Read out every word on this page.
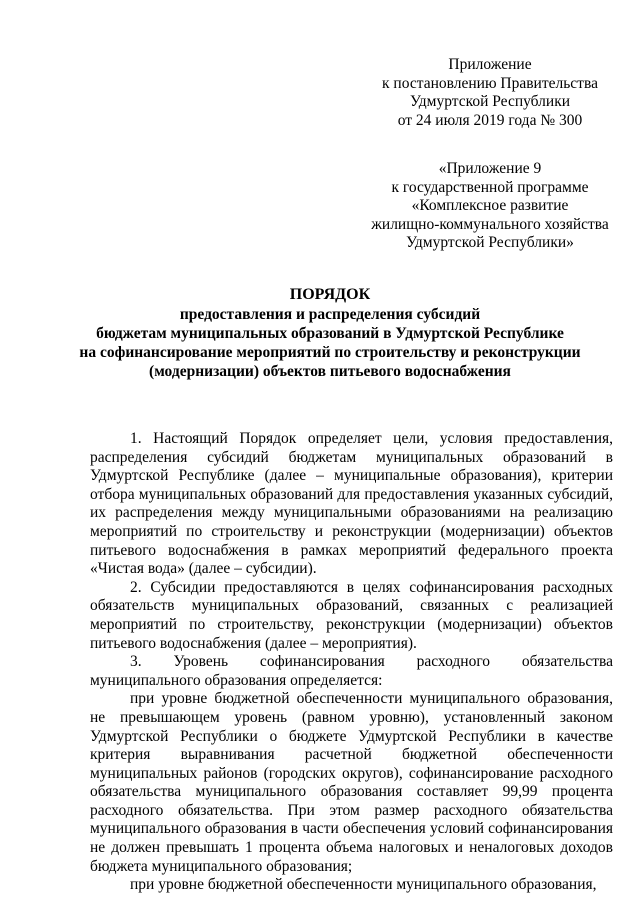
Приложение
к постановлению Правительства
Удмуртской Республики
от 24 июля 2019 года № 300
«Приложение 9
к государственной программе
«Комплексное развитие
жилищно-коммунального хозяйства
Удмуртской Республики»
ПОРЯДОК
предоставления и распределения субсидий
бюджетам муниципальных образований в Удмуртской Республике
на софинансирование мероприятий по строительству и реконструкции
(модернизации) объектов питьевого водоснабжения

1. Настоящий Порядок определяет цели, условия предоставления, распределения субсидий бюджетам муниципальных образований в Удмуртской Республике (далее – муниципальные образования), критерии отбора муниципальных образований для предоставления указанных субсидий, их распределения между муниципальными образованиями на реализацию мероприятий по строительству и реконструкции (модернизации) объектов питьевого водоснабжения в рамках мероприятий федерального проекта «Чистая вода» (далее – субсидии).

2. Субсидии предоставляются в целях софинансирования расходных обязательств муниципальных образований, связанных с реализацией мероприятий по строительству, реконструкции (модернизации) объектов питьевого водоснабжения (далее – мероприятия).

3. Уровень софинансирования расходного обязательства муниципального образования определяется:

при уровне бюджетной обеспеченности муниципального образования, не превышающем уровень (равном уровню), установленный законом Удмуртской Республики о бюджете Удмуртской Республики в качестве критерия выравнивания расчетной бюджетной обеспеченности муниципальных районов (городских округов), софинансирование расходного обязательства муниципального образования составляет 99,99 процента расходного обязательства. При этом размер расходного обязательства муниципального образования в части обеспечения условий софинансирования не должен превышать 1 процента объема налоговых и неналоговых доходов бюджета муниципального образования;

при уровне бюджетной обеспеченности муниципального образования,
